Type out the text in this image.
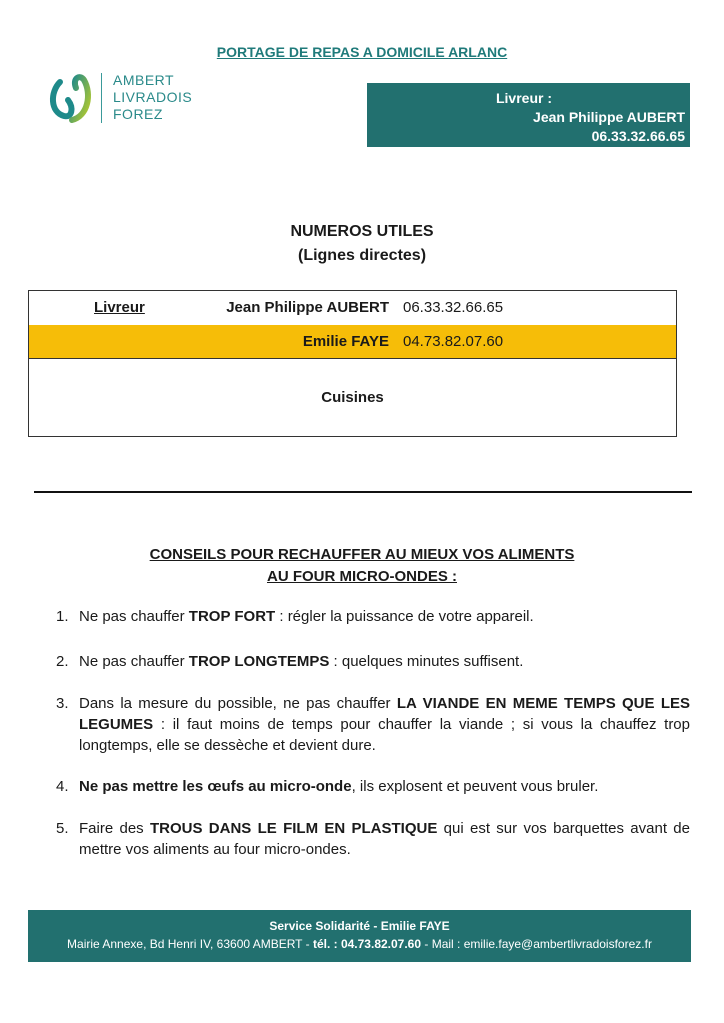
PORTAGE DE REPAS A DOMICILE ARLANC
AMBERT
LIVRADOIS
FOREZ
Livreur :
Jean Philippe AUBERT
06.33.32.66.65
NUMEROS UTILES
(Lignes directes)
Livreur	Jean Philippe AUBERT 06.33.32.66.65
Emilie FAYE 04.73.82.07.60
Cuisines
CONSEILS POUR RECHAUFFER AU MIEUX VOS ALIMENTS
AU FOUR MICRO-ONDES :
1. Ne pas chauffer TROP FORT : régler la puissance de votre appareil.
2. Ne pas chauffer TROP LONGTEMPS : quelques minutes suffisent.
3. Dans la mesure du possible, ne pas chauffer LA VIANDE EN MEME TEMPS QUE LES LEGUMES : il faut moins de temps pour chauffer la viande ; si vous la chauffez trop longtemps, elle se dessèche et devient dure.
4. Ne pas mettre les œufs au micro-onde, ils explosent et peuvent vous bruler.
5. Faire des TROUS DANS LE FILM EN PLASTIQUE qui est sur vos barquettes avant de mettre vos aliments au four micro-ondes.
Service Solidarité - Emilie FAYE
Mairie Annexe, Bd Henri IV, 63600 AMBERT - tél. : 04.73.82.07.60 - Mail : emilie.faye@ambertlivradoisforez.fr
